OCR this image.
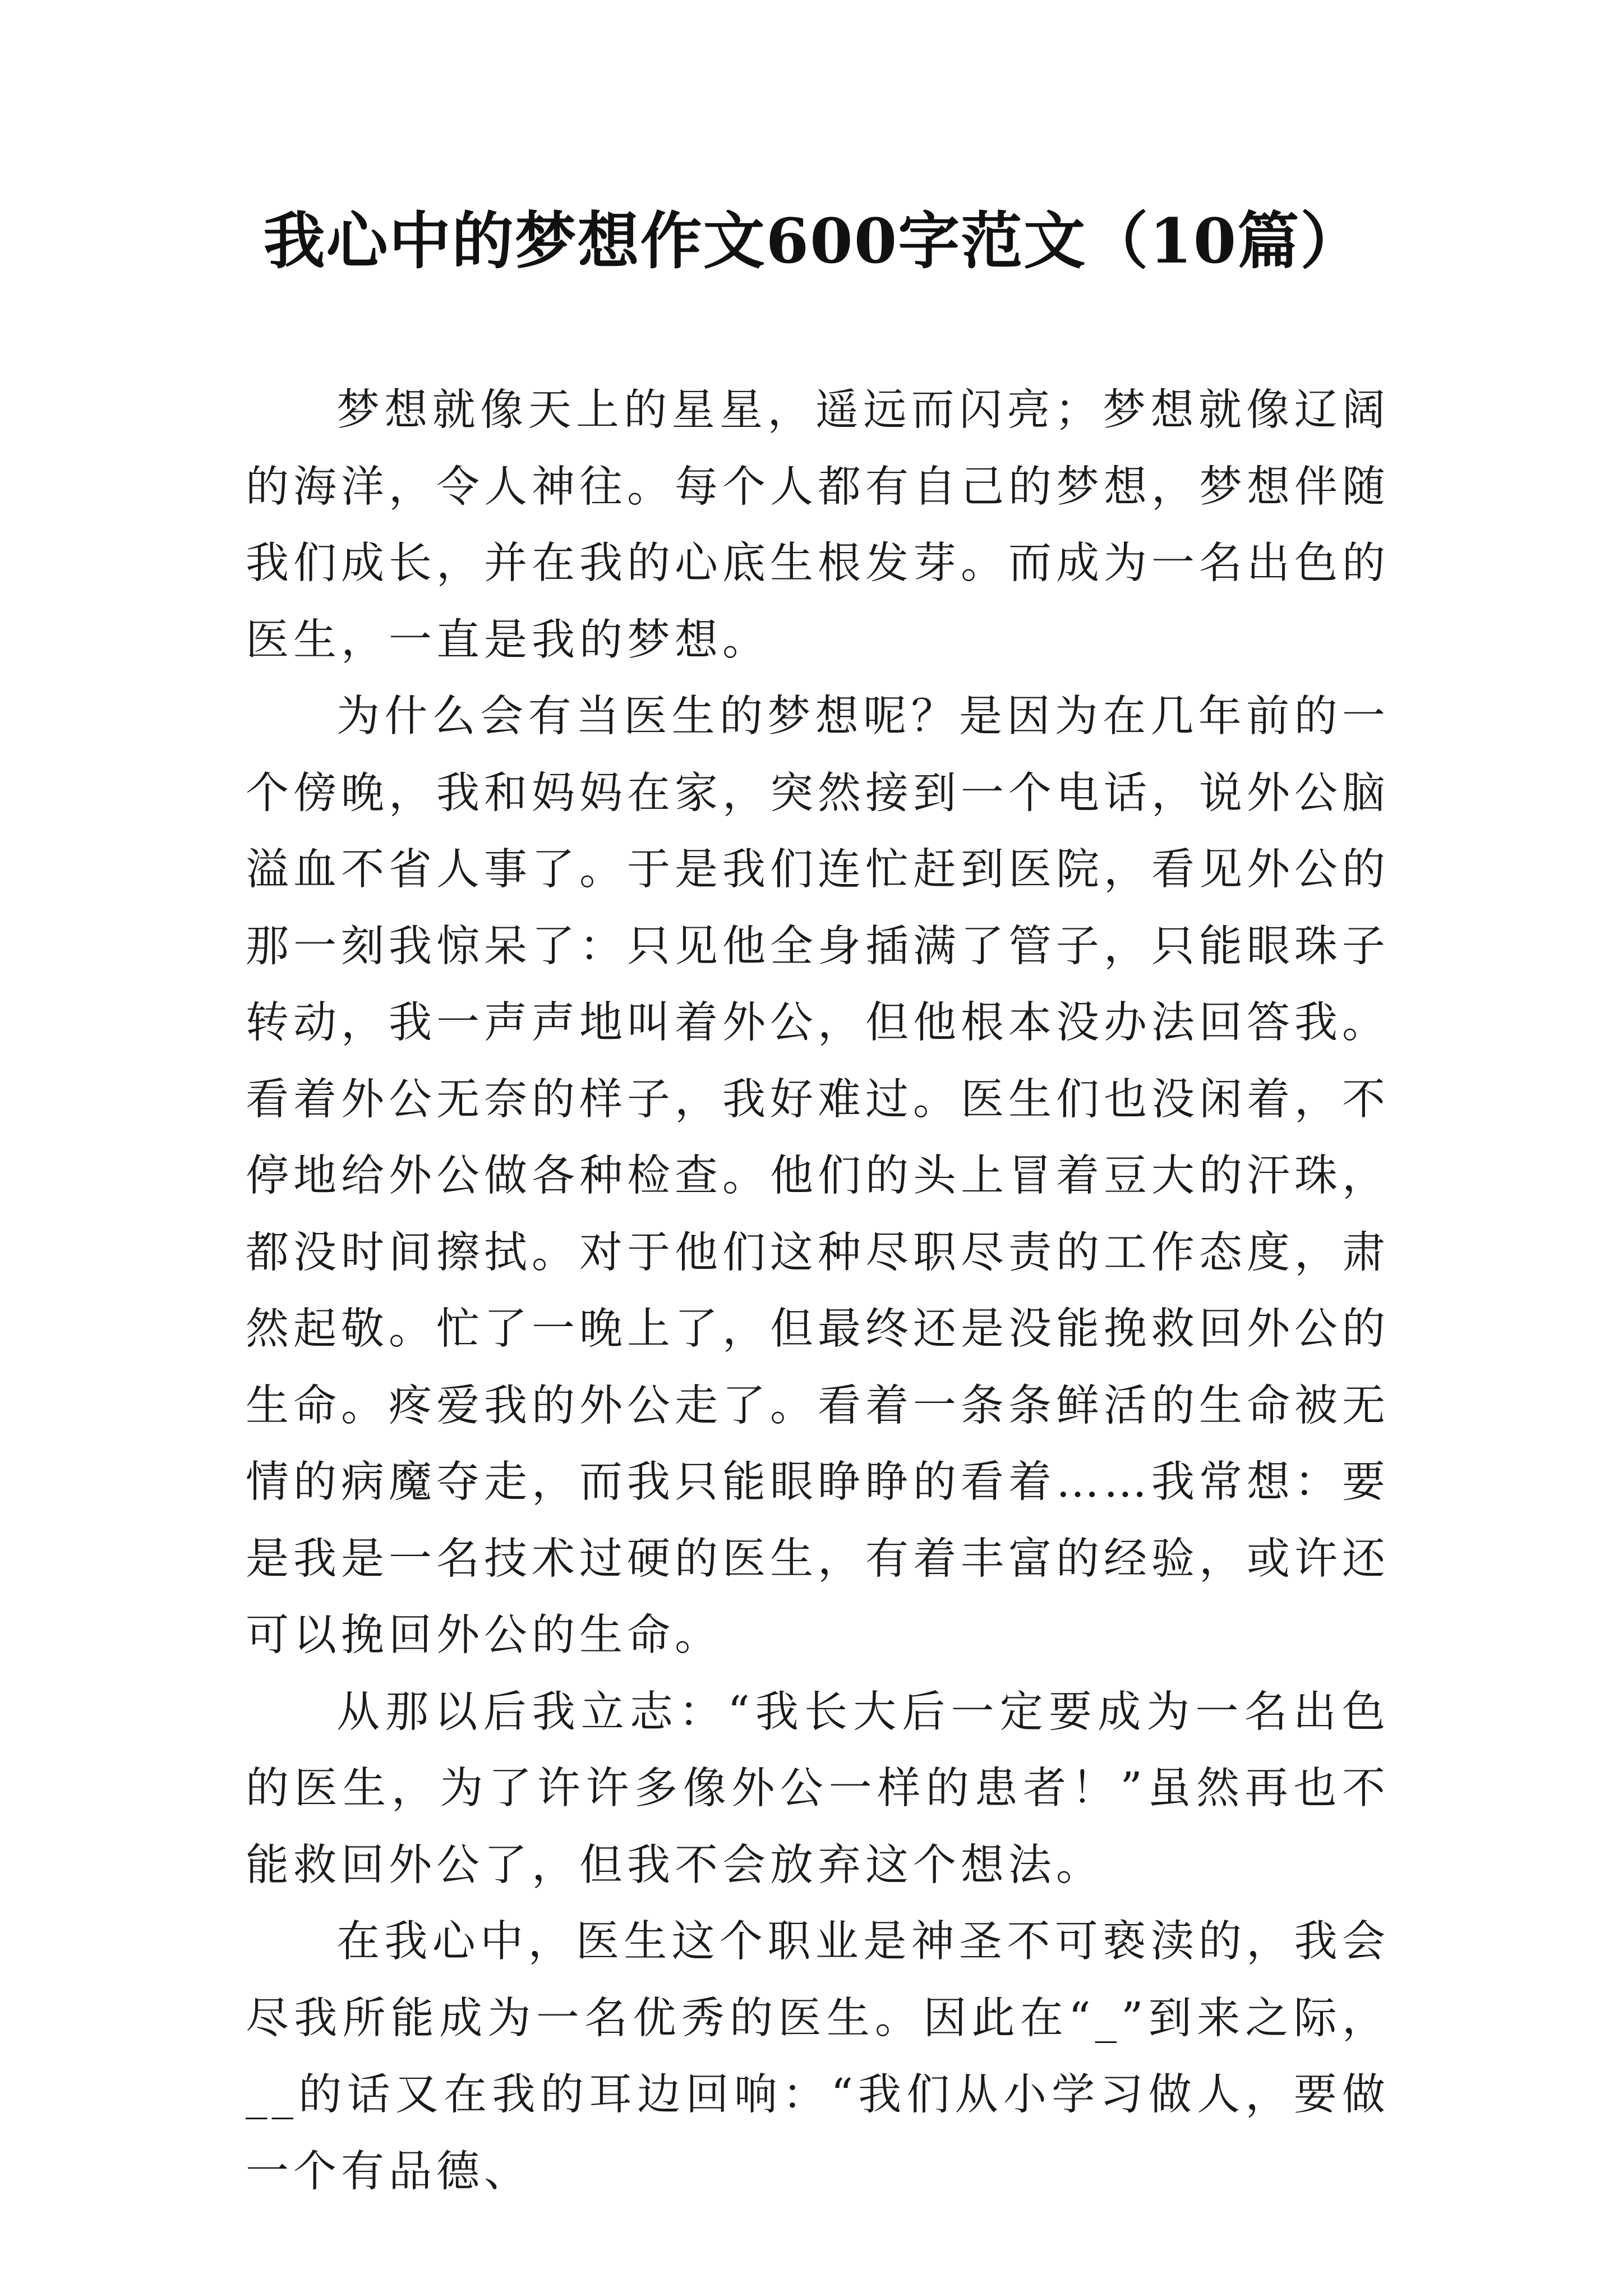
我心中的梦想作文600字范文（10篇）

梦想就像天上的星星，遥远而闪亮；梦想就像辽阔的海洋，令人神往。每个人都有自己的梦想，梦想伴随我们成长，并在我的心底生根发芽。而成为一名出色的医生，一直是我的梦想。

为什么会有当医生的梦想呢？是因为在几年前的一个傍晚，我和妈妈在家，突然接到一个电话，说外公脑溢血不省人事了。于是我们连忙赶到医院，看见外公的那一刻我惊呆了：只见他全身插满了管子，只能眼珠子转动，我一声声地叫着外公，但他根本没办法回答我。看着外公无奈的样子，我好难过。医生们也没闲着，不停地给外公做各种检查。他们的头上冒着豆大的汗珠，都没时间擦拭。对于他们这种尽职尽责的工作态度，肃然起敬。忙了一晚上了，但最终还是没能挽救回外公的生命。疼爱我的外公走了。看着一条条鲜活的生命被无情的病魔夺走，而我只能眼睁睁的看着……我常想：要是我是一名技术过硬的医生，有着丰富的经验，或许还可以挽回外公的生命。

从那以后我立志：“我长大后一定要成为一名出色的医生，为了许许多像外公一样的患者！”虽然再也不能救回外公了，但我不会放弃这个想法。

在我心中，医生这个职业是神圣不可亵渎的，我会尽我所能成为一名优秀的医生。因此在“_”到来之际，__的话又在我的耳边回响：“我们从小学习做人，要做一个有品德、
